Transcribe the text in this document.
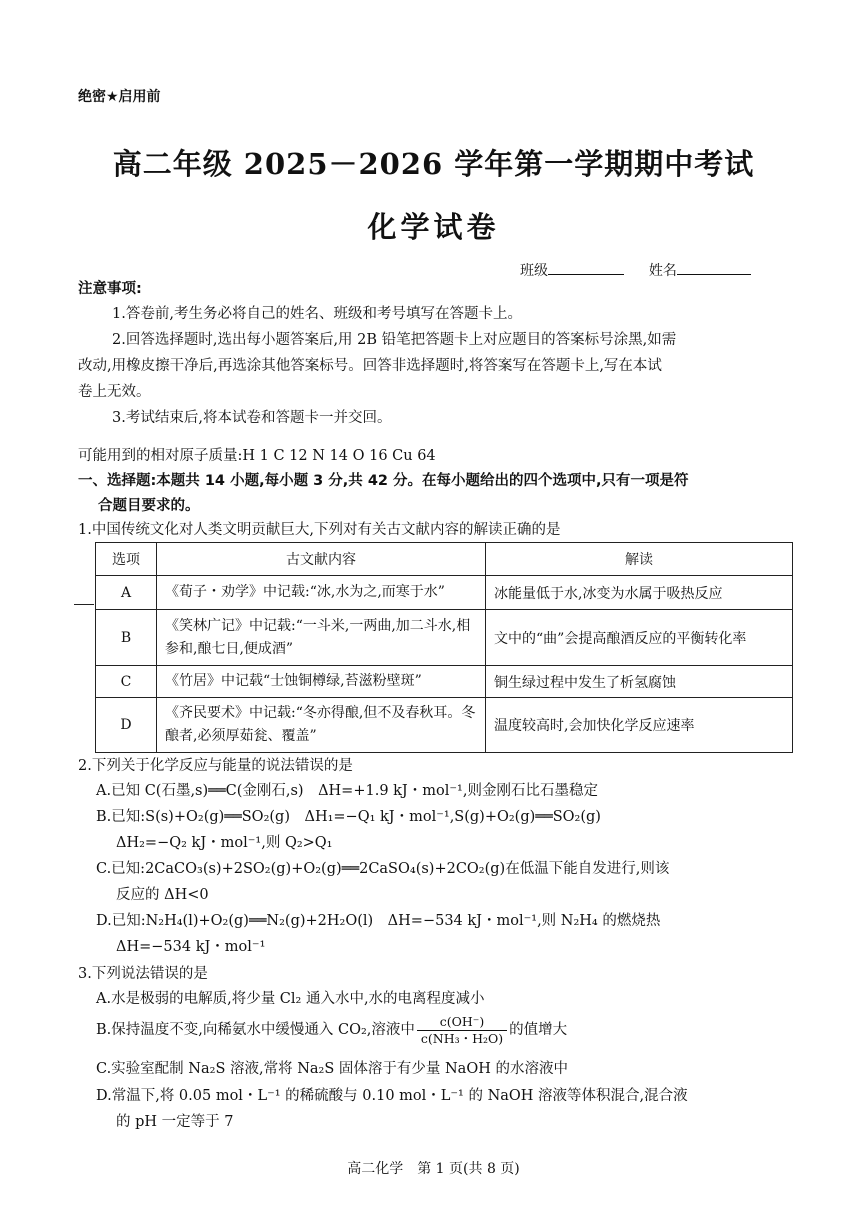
绝密★启用前
高二年级 2025－2026 学年第一学期期中考试
化学试卷
班级	姓名
注意事项:
1.答卷前,考生务必将自己的姓名、班级和考号填写在答题卡上。
2.回答选择题时,选出每小题答案后,用 2B 铅笔把答题卡上对应题目的答案标号涂黑,如需
改动,用橡皮擦干净后,再选涂其他答案标号。回答非选择题时,将答案写在答题卡上,写在本试
卷上无效。
3.考试结束后,将本试卷和答题卡一并交回。
可能用到的相对原子质量:H 1 C 12 N 14 O 16 Cu 64
一、选择题:本题共 14 小题,每小题 3 分,共 42 分。在每小题给出的四个选项中,只有一项是符
合题目要求的。
1.中国传统文化对人类文明贡献巨大,下列对有关古文献内容的解读正确的是
选项	古文献内容	解读
A	《荀子・劝学》中记载:“冰,水为之,而寒于水”	冰能量低于水,冰变为水属于吸热反应
B	《笑林广记》中记载:“一斗米,一两曲,加二斗水,相参和,酿七日,便成酒”	文中的“曲”会提高酿酒反应的平衡转化率
C	《竹居》中记载“士蚀铜樽绿,苔滋粉壁斑”	铜生绿过程中发生了析氢腐蚀
D	《齐民要术》中记载:“冬亦得酿,但不及春秋耳。冬酿者,必须厚茹瓮、覆盖”	温度较高时,会加快化学反应速率
2.下列关于化学反应与能量的说法错误的是
A.已知 C(石墨,s)══C(金刚石,s)　ΔH=+1.9 kJ・mol⁻¹,则金刚石比石墨稳定
B.已知:S(s)+O₂(g)══SO₂(g)　ΔH₁=−Q₁ kJ・mol⁻¹,S(g)+O₂(g)══SO₂(g)
ΔH₂=−Q₂ kJ・mol⁻¹,则 Q₂>Q₁
C.已知:2CaCO₃(s)+2SO₂(g)+O₂(g)══2CaSO₄(s)+2CO₂(g)在低温下能自发进行,则该
反应的 ΔH<0
D.已知:N₂H₄(l)+O₂(g)══N₂(g)+2H₂O(l)　ΔH=−534 kJ・mol⁻¹,则 N₂H₄ 的燃烧热
ΔH=−534 kJ・mol⁻¹
3.下列说法错误的是
A.水是极弱的电解质,将少量 Cl₂ 通入水中,水的电离程度减小
B.保持温度不变,向稀氨水中缓慢通入 CO₂,溶液中 $\frac{c(OH^-)}{\text{c(NH₃・H₂O)}}$ 的值增大
C.实验室配制 Na₂S 溶液,常将 Na₂S 固体溶于有少量 NaOH 的水溶液中
D.常温下,将 0.05 mol・L⁻¹ 的稀硫酸与 0.10 mol・L⁻¹ 的 NaOH 溶液等体积混合,混合液
的 pH 一定等于 7
高二化学　第 1 页(共 8 页)
